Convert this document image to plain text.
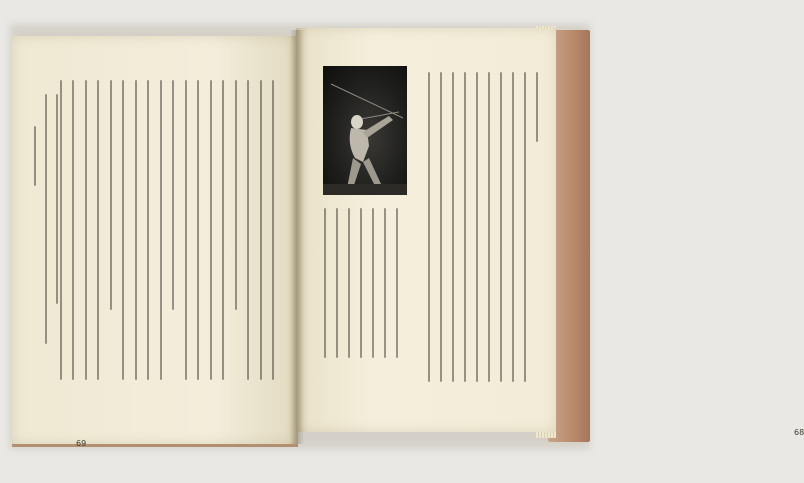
69
68
